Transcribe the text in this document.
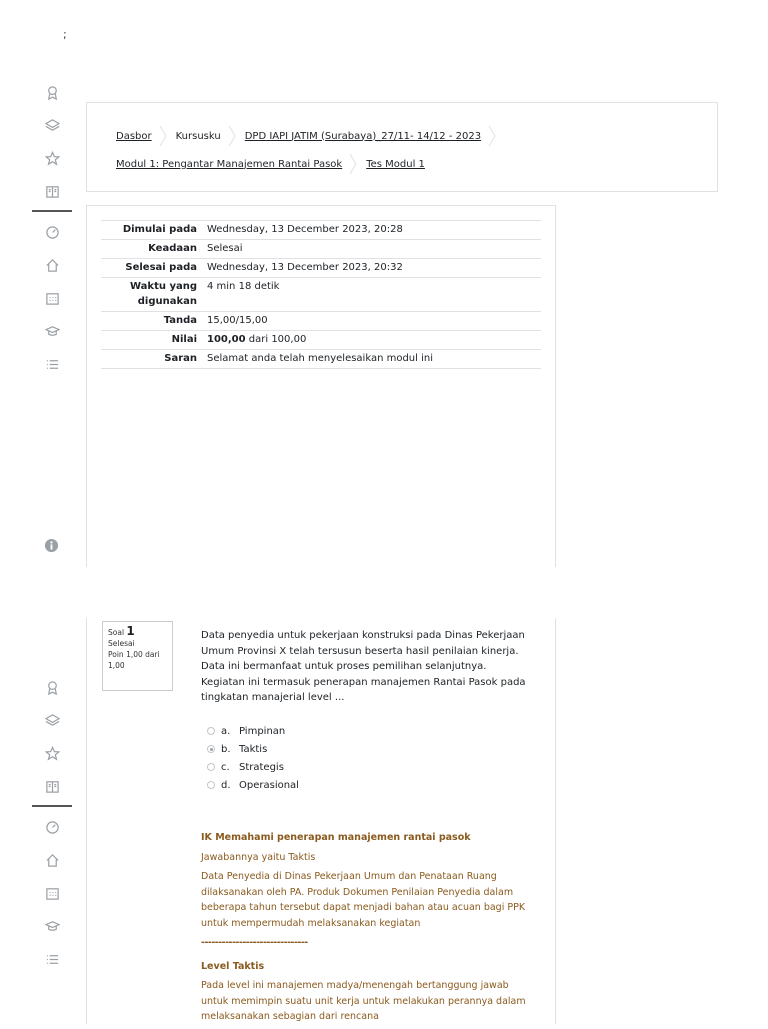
;
Dasbor Kursusku DPD IAPI JATIM (Surabaya)_27/11- 14/12 - 2023
Modul 1: Pengantar Manajemen Rantai Pasok Tes Modul 1
Dimulai pada	Wednesday, 13 December 2023, 20:28
Keadaan	Selesai
Selesai pada	Wednesday, 13 December 2023, 20:32
Waktu yang digunakan	4 min 18 detik
Tanda	15,00/15,00
Nilai	100,00 dari 100,00
Saran	Selamat anda telah menyelesaikan modul ini
Soal 1
Selesai
Poin 1,00 dari 1,00
Data penyedia untuk pekerjaan konstruksi pada Dinas Pekerjaan Umum Provinsi X telah tersusun beserta hasil penilaian kinerja. Data ini bermanfaat untuk proses pemilihan selanjutnya. Kegiatan ini termasuk penerapan manajemen Rantai Pasok pada tingkatan manajerial level ...
a. Pimpinan
b. Taktis
c. Strategis
d. Operasional
IK Memahami penerapan manajemen rantai pasok

Jawabannya yaitu Taktis

Data Penyedia di Dinas Pekerjaan Umum dan Penataan Ruang dilaksanakan oleh PA. Produk Dokumen Penilaian Penyedia dalam beberapa tahun tersebut dapat menjadi bahan atau acuan bagi PPK untuk mempermudah melaksanakan kegiatan

-------------------------------
Level Taktis

Pada level ini manajemen madya/menengah bertanggung jawab untuk memimpin suatu unit kerja untuk melakukan perannya dalam melaksanakan sebagian dari rencana
